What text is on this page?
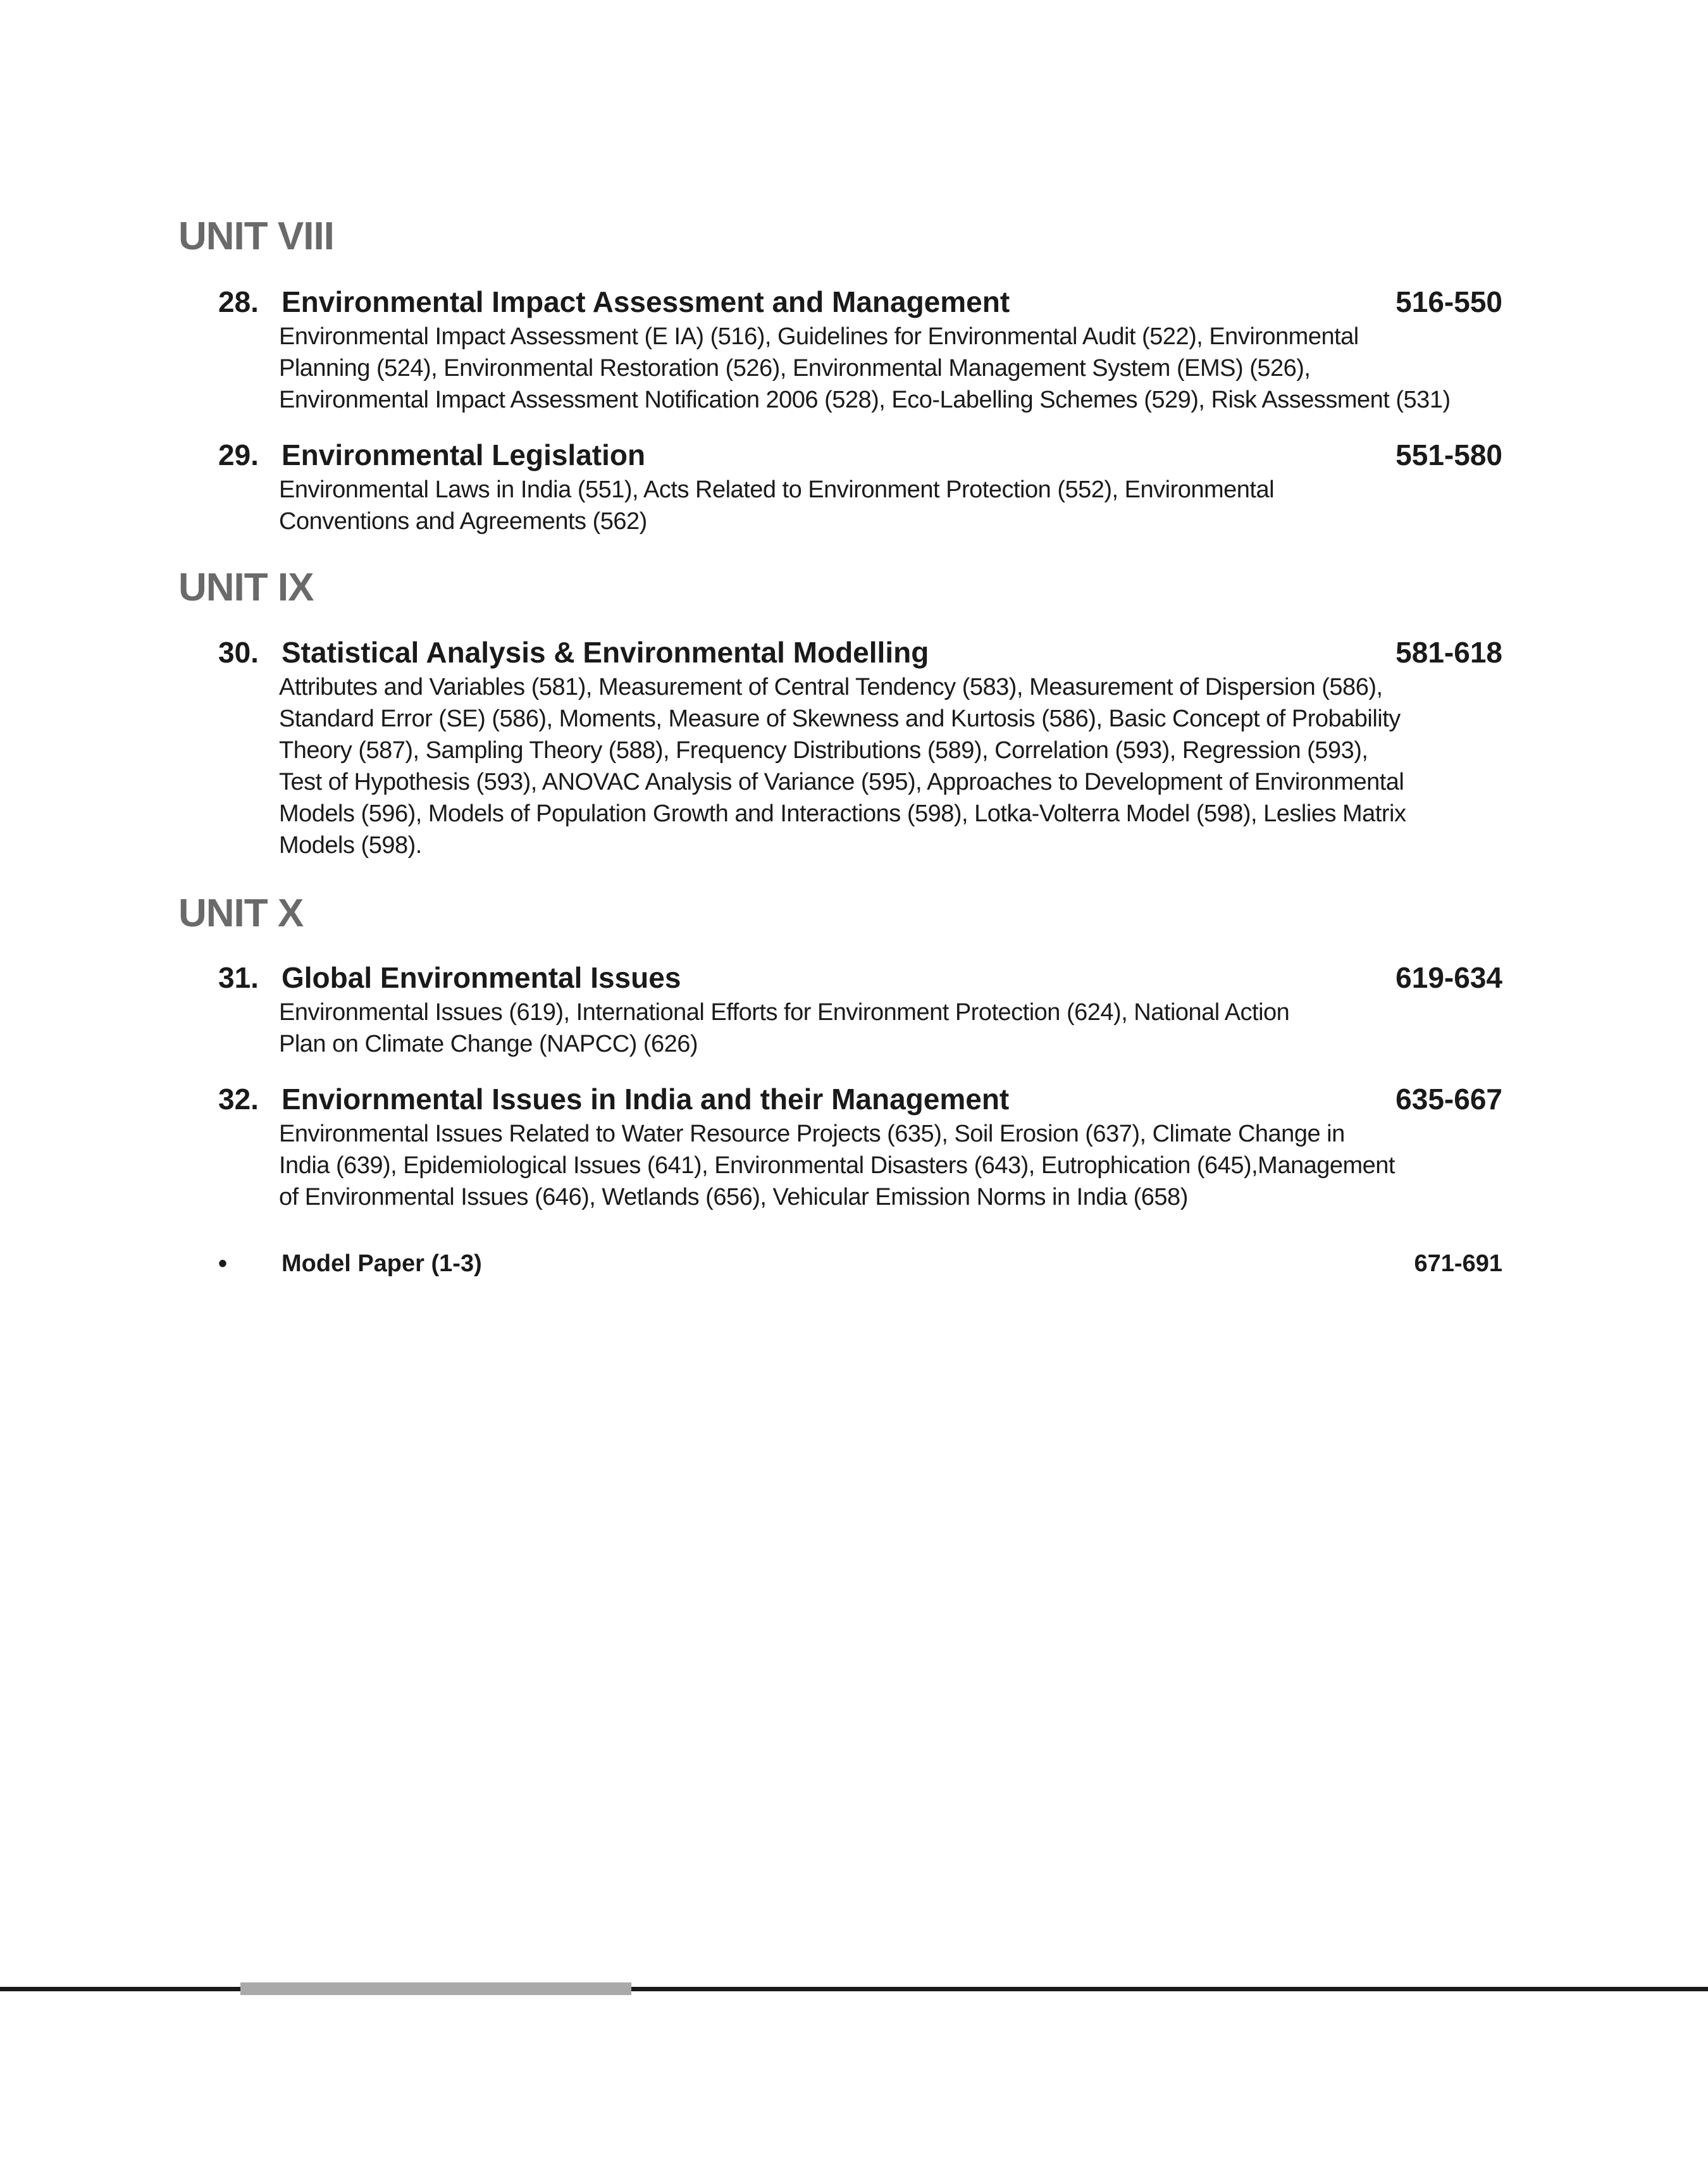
UNIT VIII
28. Environmental Impact Assessment and Management	516-550
Environmental Impact Assessment (E IA) (516), Guidelines for Environmental Audit (522), Environmental
Planning (524), Environmental Restoration (526), Environmental Management System (EMS) (526),
Environmental Impact Assessment Notification 2006 (528), Eco-Labelling Schemes (529), Risk Assessment (531)
29. Environmental Legislation	551-580
Environmental Laws in India (551), Acts Related to Environment Protection (552), Environmental
Conventions and Agreements (562)
UNIT IX
30. Statistical Analysis & Environmental Modelling	581-618
Attributes and Variables (581), Measurement of Central Tendency (583), Measurement of Dispersion (586),
Standard Error (SE) (586), Moments, Measure of Skewness and Kurtosis (586), Basic Concept of Probability
Theory (587), Sampling Theory (588), Frequency Distributions (589), Correlation (593), Regression (593),
Test of Hypothesis (593), ANOVAC Analysis of Variance (595), Approaches to Development of Environmental
Models (596), Models of Population Growth and Interactions (598), Lotka-Volterra Model (598), Leslies Matrix
Models (598).
UNIT X
31. Global Environmental Issues	619-634
Environmental Issues (619), International Efforts for Environment Protection (624), National Action
Plan on Climate Change (NAPCC) (626)
32. Enviornmental Issues in India and their Management	635-667
Environmental Issues Related to Water Resource Projects (635), Soil Erosion (637), Climate Change in
India (639), Epidemiological Issues (641), Environmental Disasters (643), Eutrophication (645),Management
of Environmental Issues (646), Wetlands (656), Vehicular Emission Norms in India (658)
• Model Paper (1-3)	671-691
